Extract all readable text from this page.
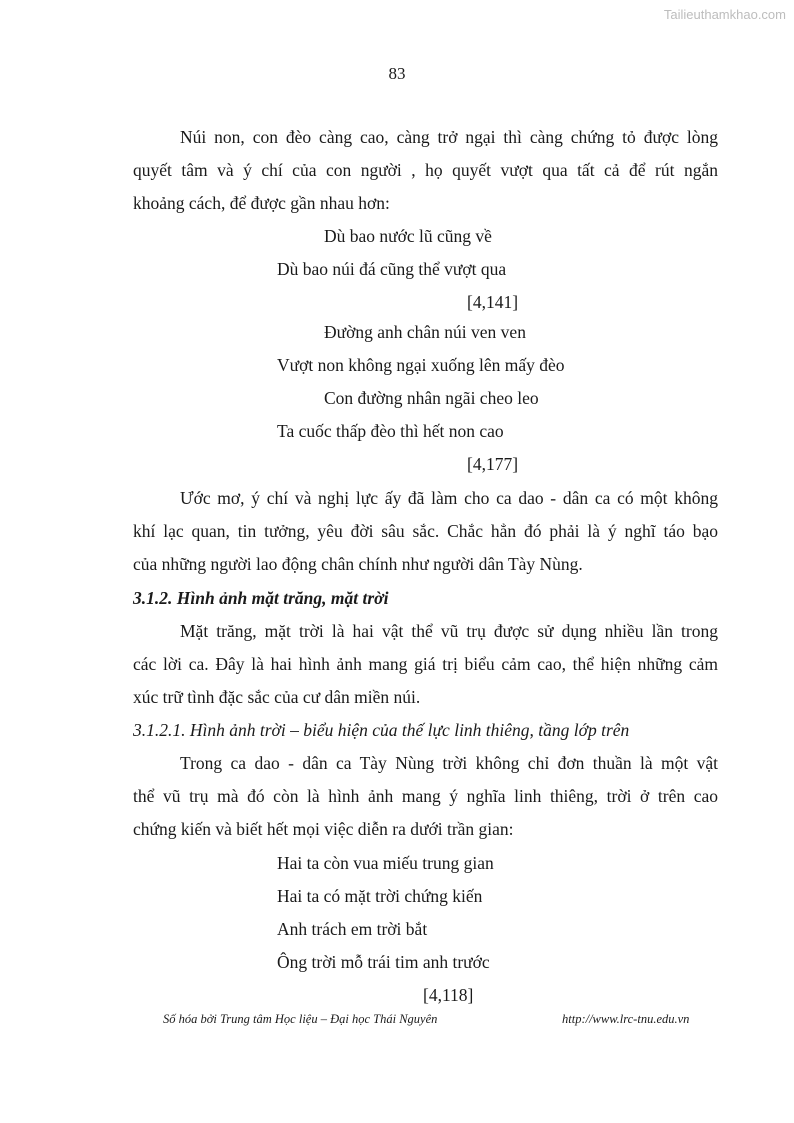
Tailieuthamkhao.com
83
Núi non, con đèo càng cao, càng trở ngại thì càng chứng tỏ được lòng
quyết tâm và ý chí của con người , họ quyết vượt qua tất cả để rút ngắn
khoảng cách, để được gần nhau hơn:
Dù bao nước lũ cũng về
Dù bao núi đá cũng thể vượt qua
[4,141]
Đường anh chân núi ven ven
Vượt non không ngại xuống lên mấy đèo
Con đường nhân ngãi cheo leo
Ta cuốc thấp đèo thì hết non cao
[4,177]
Ước mơ, ý chí và nghị lực ấy đã làm cho ca dao - dân ca có một không
khí lạc quan, tin tưởng, yêu đời sâu sắc. Chắc hẳn đó phải là ý nghĩ táo bạo
của những người lao động chân chính như người dân Tày Nùng.
3.1.2. Hình ảnh mặt trăng, mặt trời
Mặt trăng, mặt trời là hai vật thể vũ trụ được sử dụng nhiều lần trong
các lời ca. Đây là hai hình ảnh mang giá trị biểu cảm cao, thể hiện những cảm
xúc trữ tình đặc sắc của cư dân miền núi.
3.1.2.1. Hình ảnh trời – biểu hiện của thế lực linh thiêng, tầng lớp trên
Trong ca dao - dân ca Tày Nùng trời không chỉ đơn thuần là một vật
thể vũ trụ mà đó còn là hình ảnh mang ý nghĩa linh thiêng, trời ở trên cao
chứng kiến và biết hết mọi việc diễn ra dưới trần gian:
Hai ta còn vua miếu trung gian
Hai ta có mặt trời chứng kiến
Anh trách em trời bắt
Ông trời mỗ trái tim anh trước
[4,118]
Số hóa bởi Trung tâm Học liệu – Đại học Thái Nguyên	http://www.lrc-tnu.edu.vn
